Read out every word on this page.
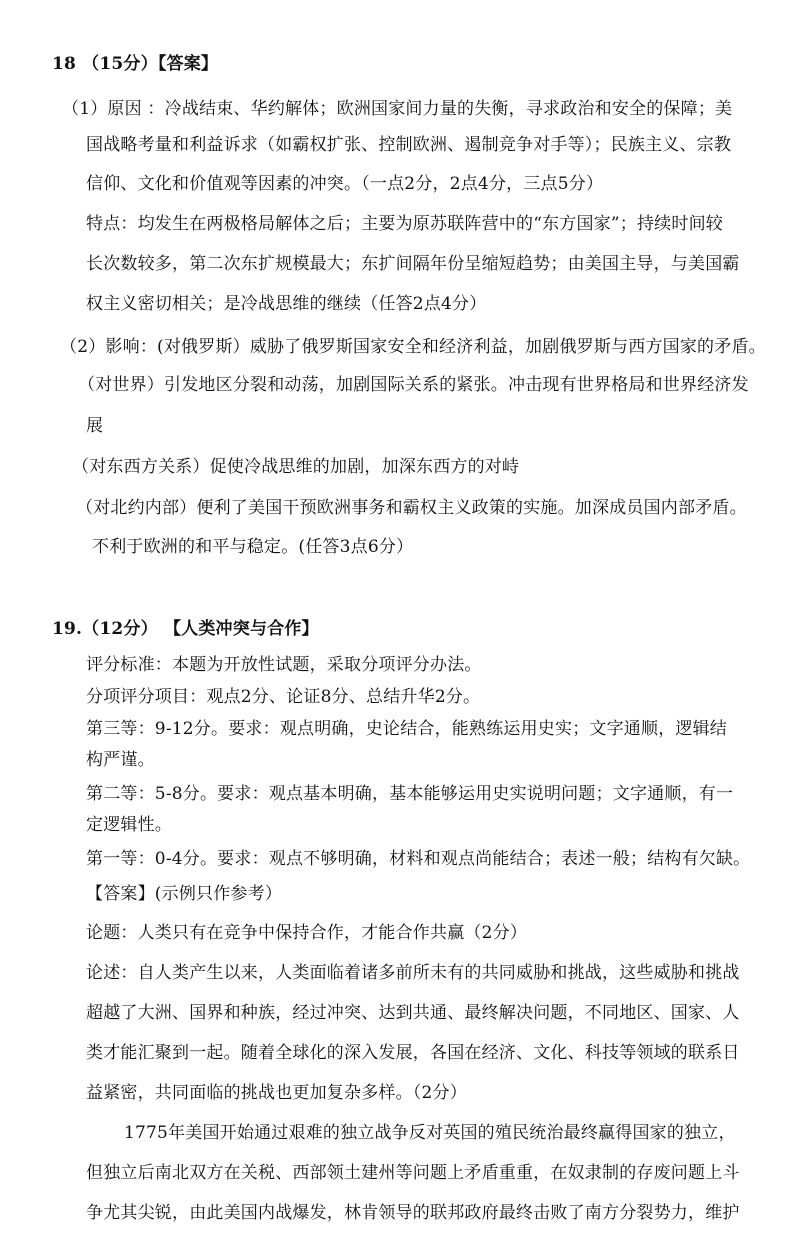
18 （15分）【答案】
（1）原因 ：冷战结束、华约解体；欧洲国家间力量的失衡，寻求政治和安全的保障；美
国战略考量和利益诉求（如霸权扩张、控制欧洲、遏制竞争对手等）；民族主义、宗教
信仰、文化和价值观等因素的冲突。（一点2分，2点4分，三点5分）
特点：均发生在两极格局解体之后；主要为原苏联阵营中的“东方国家”；持续时间较
长次数较多，第二次东扩规模最大；东扩间隔年份呈缩短趋势；由美国主导，与美国霸
权主义密切相关；是冷战思维的继续（任答2点4分）
（2）影响：(对俄罗斯）威胁了俄罗斯国家安全和经济利益，加剧俄罗斯与西方国家的矛盾。
（对世界）引发地区分裂和动荡，加剧国际关系的紧张。冲击现有世界格局和世界经济发
展
（对东西方关系）促使冷战思维的加剧，加深东西方的对峙
（对北约内部）便利了美国干预欧洲事务和霸权主义政策的实施。加深成员国内部矛盾。
不利于欧洲的和平与稳定。(任答3点6分）
19.（12分） 【人类冲突与合作】
评分标准：本题为开放性试题，采取分项评分办法。
分项评分项目：观点2分、论证8分、总结升华2分。
第三等：9-12分。要求：观点明确，史论结合，能熟练运用史实；文字通顺，逻辑结
构严谨。
第二等：5-8分。要求：观点基本明确，基本能够运用史实说明问题；文字通顺，有一
定逻辑性。
第一等：0-4分。要求：观点不够明确，材料和观点尚能结合；表述一般；结构有欠缺。
【答案】(示例只作参考）
论题：人类只有在竞争中保持合作，才能合作共赢（2分）
论述：自人类产生以来，人类面临着诸多前所未有的共同威胁和挑战，这些威胁和挑战
超越了大洲、国界和种族，经过冲突、达到共通、最终解决问题，不同地区、国家、人
类才能汇聚到一起。随着全球化的深入发展，各国在经济、文化、科技等领域的联系日
益紧密，共同面临的挑战也更加复杂多样。（2分）
1775年美国开始通过艰难的独立战争反对英国的殖民统治最终赢得国家的独立，
但独立后南北双方在关税、西部领土建州等问题上矛盾重重，在奴隶制的存废问题上斗
争尤其尖锐，由此美国内战爆发，林肯领导的联邦政府最终击败了南方分裂势力，维护
